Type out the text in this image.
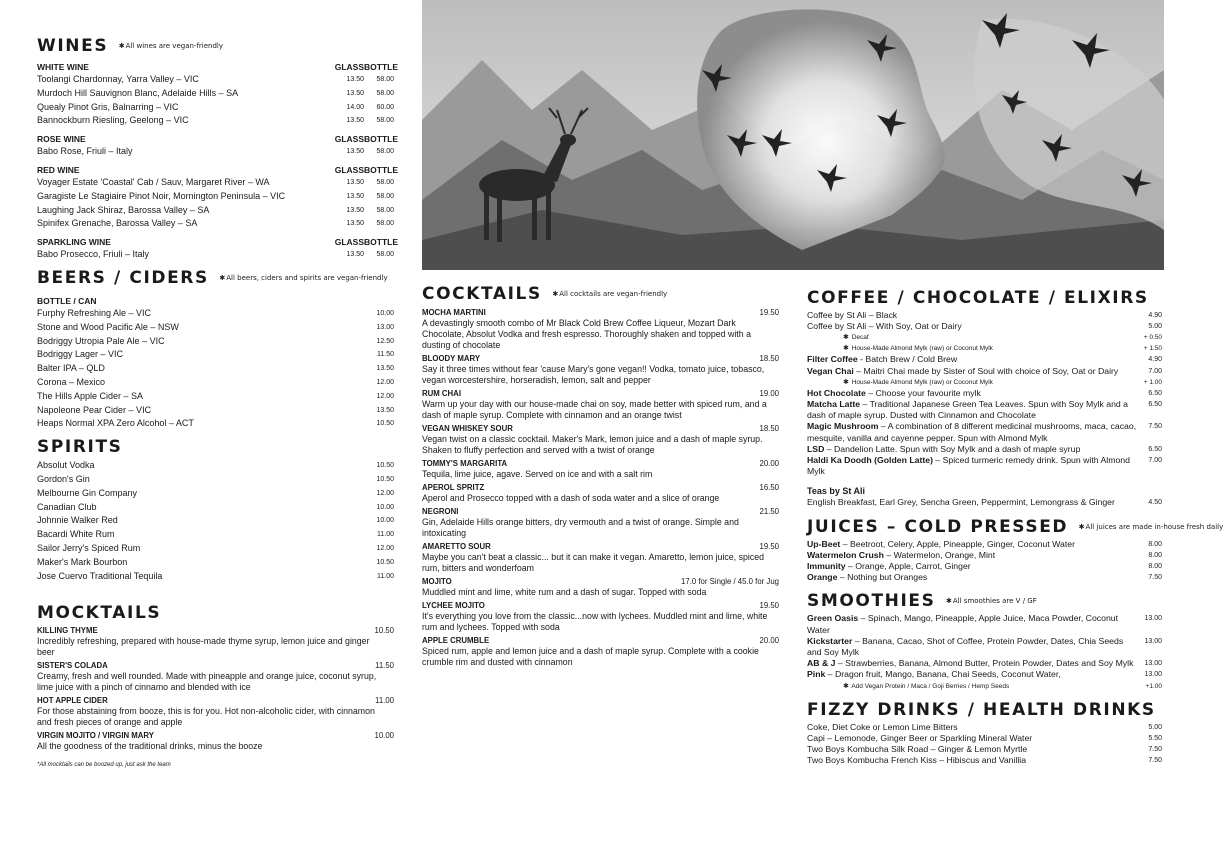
WINES ✱All wines are vegan-friendly
WHITE WINE	GLASS BOTTLE
Toolangi Chardonnay, Yarra Valley – VIC	13.50	58.00
Murdoch Hill Sauvignon Blanc, Adelaide Hills – SA	13.50	58.00
Quealy Pinot Gris, Balnarring – VIC	14.00	60.00
Bannockburn Riesling, Geelong – VIC	13.50	58.00
ROSE WINE	GLASS BOTTLE
Babo Rose, Friuli – Italy	13.50	58.00
RED WINE	GLASS BOTTLE
Voyager Estate 'Coastal' Cab / Sauv, Margaret River – WA	13.50	58.00
Garagiste Le Stagiaire Pinot Noir, Mornington Peninsula – VIC	13.50	58.00
Laughing Jack Shiraz, Barossa Valley – SA	13.50	58.00
Spinifex Grenache, Barossa Valley – SA	13.50	58.00
SPARKLING WINE	GLASS BOTTLE
Babo Prosecco, Friuli – Italy	13.50	58.00
BEERS / CIDERS ✱All beers, ciders and spirits are vegan-friendly
BOTTLE / CAN
Furphy Refreshing Ale – VIC	10.00
Stone and Wood Pacific Ale – NSW	13.00
Bodriggy Utropia Pale Ale – VIC	12.50
Bodriggy Lager – VIC	11.50
Balter IPA – QLD	13.50
Corona – Mexico	12.00
The Hills Apple Cider – SA	12.00
Napoleone Pear Cider – VIC	13.50
Heaps Normal XPA Zero Alcohol – ACT	10.50
SPIRITS
Absolut Vodka	10.50
Gordon's Gin	10.50
Melbourne Gin Company	12.00
Canadian Club	10.00
Johnnie Walker Red	10.00
Bacardi White Rum	11.00
Sailor Jerry's Spiced Rum	12.00
Maker's Mark Bourbon	10.50
Jose Cuervo Traditional Tequila	11.00
MOCKTAILS
KILLING THYME	10.50
Incredibly refreshing, prepared with house-made thyme syrup, lemon juice and ginger beer
SISTER'S COLADA	11.50
Creamy, fresh and well rounded. Made with pineapple and orange juice, coconut syrup, lime juice with a pinch of cinnamo and blended with ice
HOT APPLE CIDER	11.00
For those abstaining from booze, this is for you. Hot non-alcoholic cider, with cinnamon and fresh pieces of orange and apple
VIRGIN MOJITO / VIRGIN MARY	10.00
All the goodness of the traditional drinks, minus the booze
*All mocktails can be boozed up, just ask the team
COCKTAILS ✱All cocktails are vegan-friendly
MOCHA MARTINI	19.50
A devastingly smooth combo of Mr Black Cold Brew Coffee Liqueur, Mozart Dark Chocolate, Absolut Vodka and fresh espresso. Thoroughly shaken and topped with a dusting of chocolate
BLOODY MARY	18.50
Say it three times without fear 'cause Mary's gone vegan!! Vodka, tomato juice, tobasco, vegan worcestershire, horseradish, lemon, salt and pepper
RUM CHAI	19.00
Warm up your day with our house-made chai on soy, made better with spiced rum, and a dash of maple syrup. Complete with cinnamon and an orange twist
VEGAN WHISKEY SOUR	18.50
Vegan twist on a classic cocktail. Maker's Mark, lemon juice and a dash of maple syrup. Shaken to fluffy perfection and served with a twist of orange
TOMMY'S MARGARITA	20.00
Tequila, lime juice, agave. Served on ice and with a salt rim
APEROL SPRITZ	16.50
Aperol and Prosecco topped with a dash of soda water and a slice of orange
NEGRONI	21.50
Gin, Adelaide Hills orange bitters, dry vermouth and a twist of orange. Simple and intoxicating
AMARETTO SOUR	19.50
Maybe you can't beat a classic... but it can make it vegan. Amaretto, lemon juice, spiced rum, bitters and wonderfoam
MOJITO	17.0 for Single / 45.0 for Jug
Muddled mint and lime, white rum and a dash of sugar. Topped with soda
LYCHEE MOJITO	19.50
It's everything you love from the classic...now with lychees. Muddled mint and lime, white rum and lychees. Topped with soda
APPLE CRUMBLE	20.00
Spiced rum, apple and lemon juice and a dash of maple syrup. Complete with a cookie crumble rim and dusted with cinnamon
COFFEE / CHOCOLATE / ELIXIRS
Coffee by St Ali – Black	4.90
Coffee by St Ali – With Soy, Oat or Dairy	5.00
✱ Decaf	+ 0.50
✱ House-Made Almond Mylk (raw) or Coconut Mylk	+ 1.50
Filter Coffee - Batch Brew / Cold Brew	4.90
Vegan Chai – Maitri Chai made by Sister of Soul with choice of Soy, Oat or Dairy	7.00
✱ House-Made Almond Mylk (raw) or Coconut Mylk	+ 1.00
Hot Chocolate – Choose your favourite mylk	6.50
Matcha Latte – Traditional Japanese Green Tea Leaves. Spun with Soy Mylk and a dash of maple syrup. Dusted with Cinnamon and Chocolate
6.50
Magic Mushroom – A combination of 8 different medicinal mushrooms, maca, cacao, mesquite, vanilla and cayenne pepper. Spun with Almond Mylk
7.50
LSD – Dandelion Latte. Spun with Soy Mylk and a dash of maple syrup	6.50
Haldi Ka Doodh (Golden Latte) – Spiced turmeric remedy drink. Spun with Almond Mylk
7.00
Teas by St Ali
English Breakfast, Earl Grey, Sencha Green, Peppermint, Lemongrass & Ginger	4.50
JUICES – COLD PRESSED ✱All juices are made in-house fresh daily
Up-Beet – Beetroot, Celery, Apple, Pineapple, Ginger, Coconut Water	8.00
Watermelon Crush – Watermelon, Orange, Mint	8.00
Immunity – Orange, Apple, Carrot, Ginger	8.00
Orange – Nothing but Oranges	7.50
SMOOTHIES ✱All smoothies are V / GF
Green Oasis – Spinach, Mango, Pineapple, Apple Juice, Maca Powder, Coconut Water
13.00
Kickstarter – Banana, Cacao, Shot of Coffee, Protein Powder, Dates, Chia Seeds and Soy Mylk
13.00
AB & J – Strawberries, Banana, Almond Butter, Protein Powder, Dates and Soy Mylk	13.00
Pink – Dragon fruit, Mango, Banana, Chai Seeds, Coconut Water,	13.00
✱ Add Vegan Protein / Maca / Goji Berries / Hemp Seeds	+1.00
FIZZY DRINKS / HEALTH DRINKS
Coke, Diet Coke or Lemon Lime Bitters	5.00
Capi – Lemonode, Ginger Beer or Sparkling Mineral Water	5.50
Two Boys Kombucha Silk Road – Ginger & Lemon Myrtle	7.50
Two Boys Kombucha French Kiss – Hibiscus and Vanillia	7.50
